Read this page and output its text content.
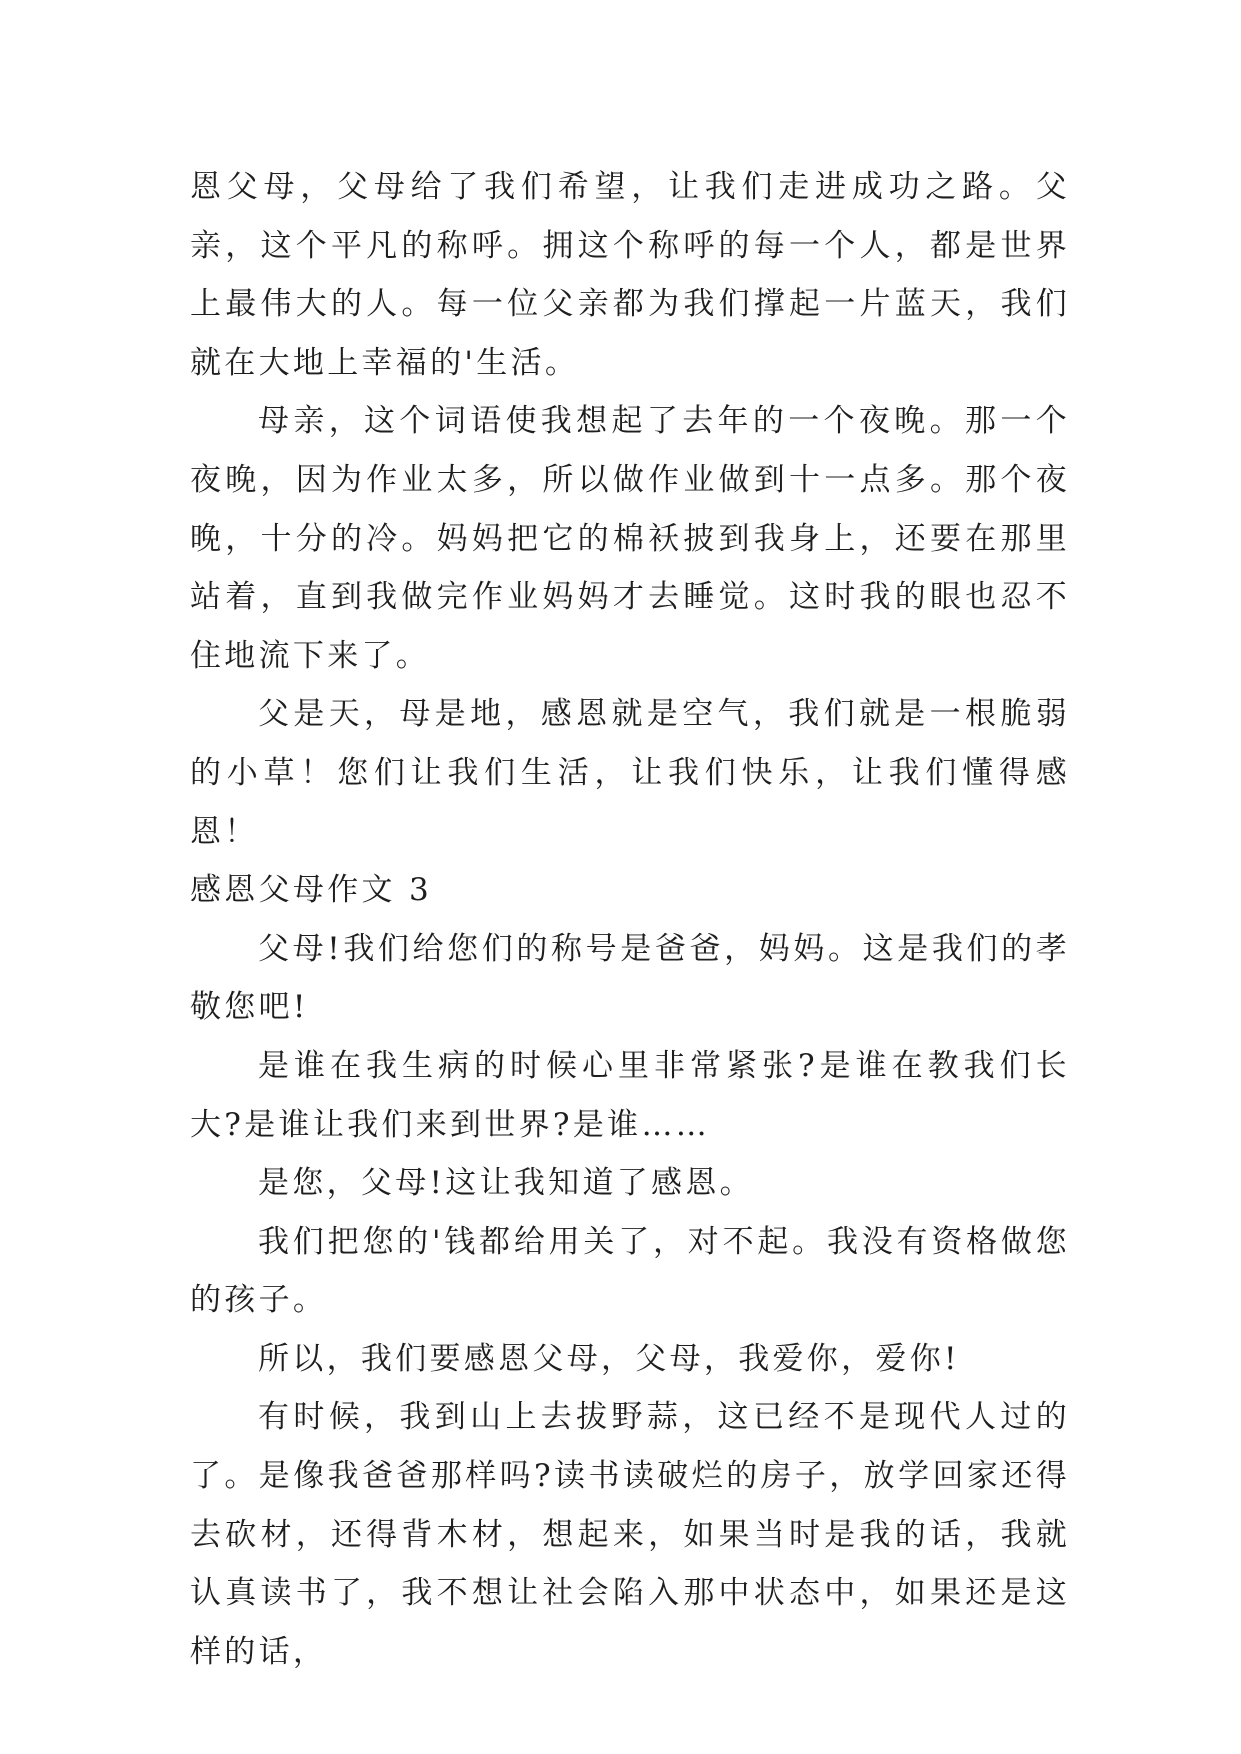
恩父母，父母给了我们希望，让我们走进成功之路。父亲，这个平凡的称呼。拥这个称呼的每一个人，都是世界上最伟大的人。每一位父亲都为我们撑起一片蓝天，我们就在大地上幸福的'生活。

母亲，这个词语使我想起了去年的一个夜晚。那一个夜晚，因为作业太多，所以做作业做到十一点多。那个夜晚，十分的冷。妈妈把它的棉袄披到我身上，还要在那里站着，直到我做完作业妈妈才去睡觉。这时我的眼也忍不住地流下来了。

父是天，母是地，感恩就是空气，我们就是一根脆弱的小草！您们让我们生活，让我们快乐，让我们懂得感恩！

感恩父母作文 3

父母!我们给您们的称号是爸爸，妈妈。这是我们的孝敬您吧!

是谁在我生病的时候心里非常紧张?是谁在教我们长大?是谁让我们来到世界?是谁……

是您，父母!这让我知道了感恩。

我们把您的'钱都给用关了，对不起。我没有资格做您的孩子。

所以，我们要感恩父母，父母，我爱你，爱你!

有时候，我到山上去拔野蒜，这已经不是现代人过的了。是像我爸爸那样吗?读书读破烂的房子，放学回家还得去砍材，还得背木材，想起来，如果当时是我的话，我就认真读书了，我不想让社会陷入那中状态中，如果还是这样的话，
